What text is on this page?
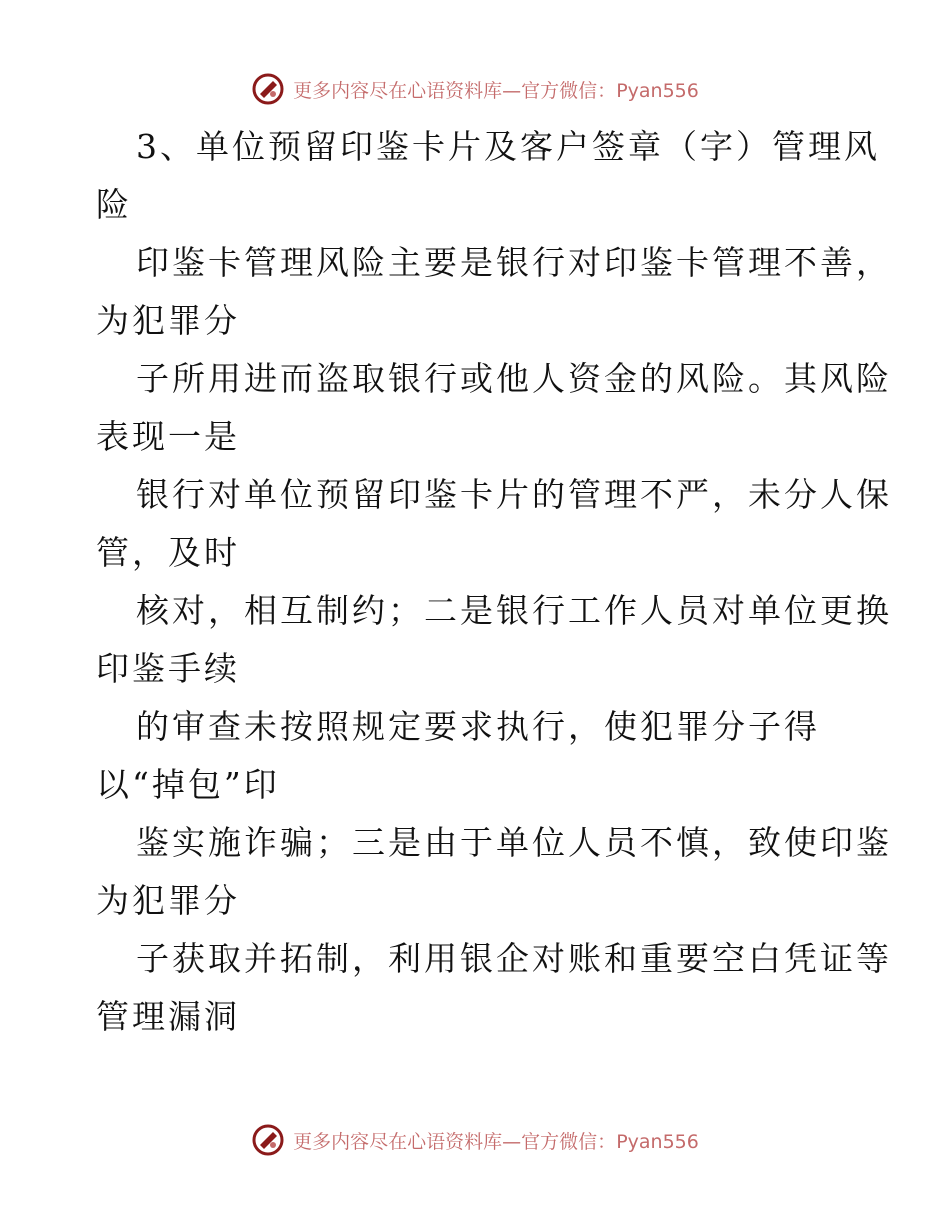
更多内容尽在心语资料库—官方微信：Pyan556
3、单位预留印鉴卡片及客户签章（字）管理风
险
印鉴卡管理风险主要是银行对印鉴卡管理不善，
为犯罪分
子所用进而盗取银行或他人资金的风险。其风险
表现一是
银行对单位预留印鉴卡片的管理不严，未分人保
管，及时
核对，相互制约；二是银行工作人员对单位更换
印鉴手续
的审查未按照规定要求执行，使犯罪分子得
以“掉包”印
鉴实施诈骗；三是由于单位人员不慎，致使印鉴
为犯罪分
子获取并拓制，利用银企对账和重要空白凭证等
管理漏洞
更多内容尽在心语资料库—官方微信：Pyan556
